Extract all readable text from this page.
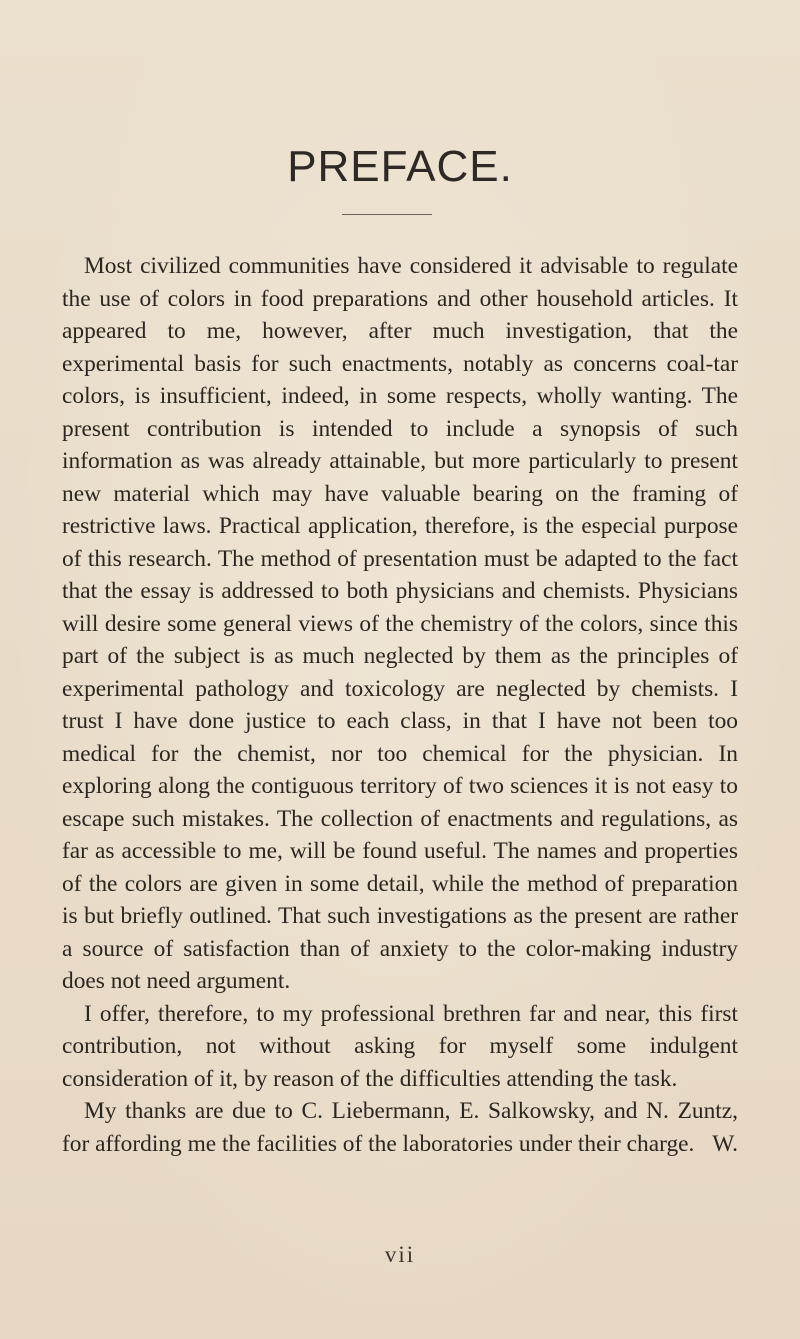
PREFACE.

Most civilized communities have considered it advisable to regulate the use of colors in food preparations and other household articles. It appeared to me, however, after much investigation, that the experimental basis for such enactments, notably as concerns coal-tar colors, is insufficient, indeed, in some respects, wholly wanting. The present contribution is intended to include a synopsis of such information as was already attainable, but more particularly to present new material which may have valuable bearing on the framing of restrictive laws. Practical application, therefore, is the especial purpose of this research. The method of presentation must be adapted to the fact that the essay is addressed to both physicians and chemists. Physicians will desire some general views of the chemistry of the colors, since this part of the subject is as much neglected by them as the principles of experimental pathology and toxicology are neglected by chemists. I trust I have done justice to each class, in that I have not been too medical for the chemist, nor too chemical for the physician. In exploring along the contiguous territory of two sciences it is not easy to escape such mistakes. The collection of enactments and regulations, as far as accessible to me, will be found useful. The names and properties of the colors are given in some detail, while the method of preparation is but briefly outlined. That such investigations as the present are rather a source of satisfaction than of anxiety to the color-making industry does not need argument.

I offer, therefore, to my professional brethren far and near, this first contribution, not without asking for myself some indulgent consideration of it, by reason of the difficulties attending the task.

My thanks are due to C. Liebermann, E. Salkowsky, and N. Zuntz, for affording me the facilities of the laboratories under their charge. W.

vii
